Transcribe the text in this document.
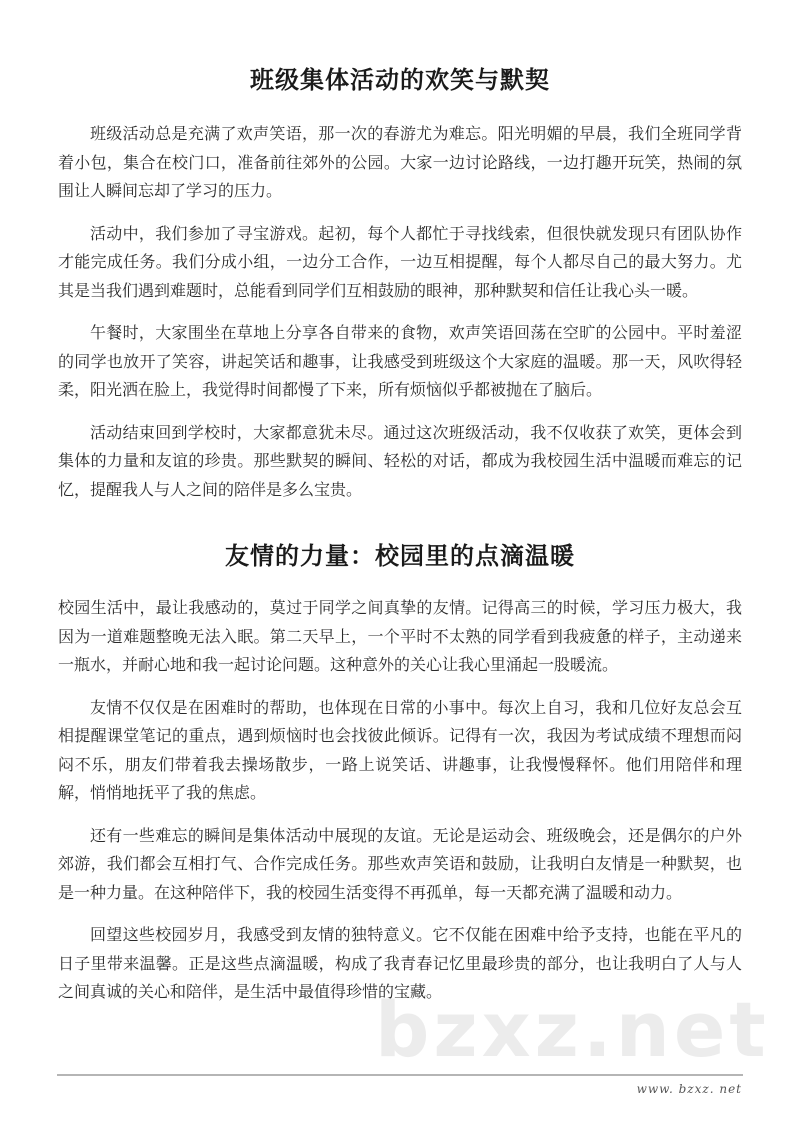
班级集体活动的欢笑与默契

班级活动总是充满了欢声笑语，那一次的春游尤为难忘。阳光明媚的早晨，我们全班同学背着小包，集合在校门口，准备前往郊外的公园。大家一边讨论路线，一边打趣开玩笑，热闹的氛围让人瞬间忘却了学习的压力。

活动中，我们参加了寻宝游戏。起初，每个人都忙于寻找线索，但很快就发现只有团队协作才能完成任务。我们分成小组，一边分工合作，一边互相提醒，每个人都尽自己的最大努力。尤其是当我们遇到难题时，总能看到同学们互相鼓励的眼神，那种默契和信任让我心头一暖。

午餐时，大家围坐在草地上分享各自带来的食物，欢声笑语回荡在空旷的公园中。平时羞涩的同学也放开了笑容，讲起笑话和趣事，让我感受到班级这个大家庭的温暖。那一天，风吹得轻柔，阳光洒在脸上，我觉得时间都慢了下来，所有烦恼似乎都被抛在了脑后。

活动结束回到学校时，大家都意犹未尽。通过这次班级活动，我不仅收获了欢笑，更体会到集体的力量和友谊的珍贵。那些默契的瞬间、轻松的对话，都成为我校园生活中温暖而难忘的记忆，提醒我人与人之间的陪伴是多么宝贵。

友情的力量：校园里的点滴温暖

校园生活中，最让我感动的，莫过于同学之间真挚的友情。记得高三的时候，学习压力极大，我因为一道难题整晚无法入眠。第二天早上，一个平时不太熟的同学看到我疲惫的样子，主动递来一瓶水，并耐心地和我一起讨论问题。这种意外的关心让我心里涌起一股暖流。

友情不仅仅是在困难时的帮助，也体现在日常的小事中。每次上自习，我和几位好友总会互相提醒课堂笔记的重点，遇到烦恼时也会找彼此倾诉。记得有一次，我因为考试成绩不理想而闷闷不乐，朋友们带着我去操场散步，一路上说笑话、讲趣事，让我慢慢释怀。他们用陪伴和理解，悄悄地抚平了我的焦虑。

还有一些难忘的瞬间是集体活动中展现的友谊。无论是运动会、班级晚会，还是偶尔的户外郊游，我们都会互相打气、合作完成任务。那些欢声笑语和鼓励，让我明白友情是一种默契，也是一种力量。在这种陪伴下，我的校园生活变得不再孤单，每一天都充满了温暖和动力。

回望这些校园岁月，我感受到友情的独特意义。它不仅能在困难中给予支持，也能在平凡的日子里带来温馨。正是这些点滴温暖，构成了我青春记忆里最珍贵的部分，也让我明白了人与人之间真诚的关心和陪伴，是生活中最值得珍惜的宝藏。

bzxz.net
www. bzxz. net
